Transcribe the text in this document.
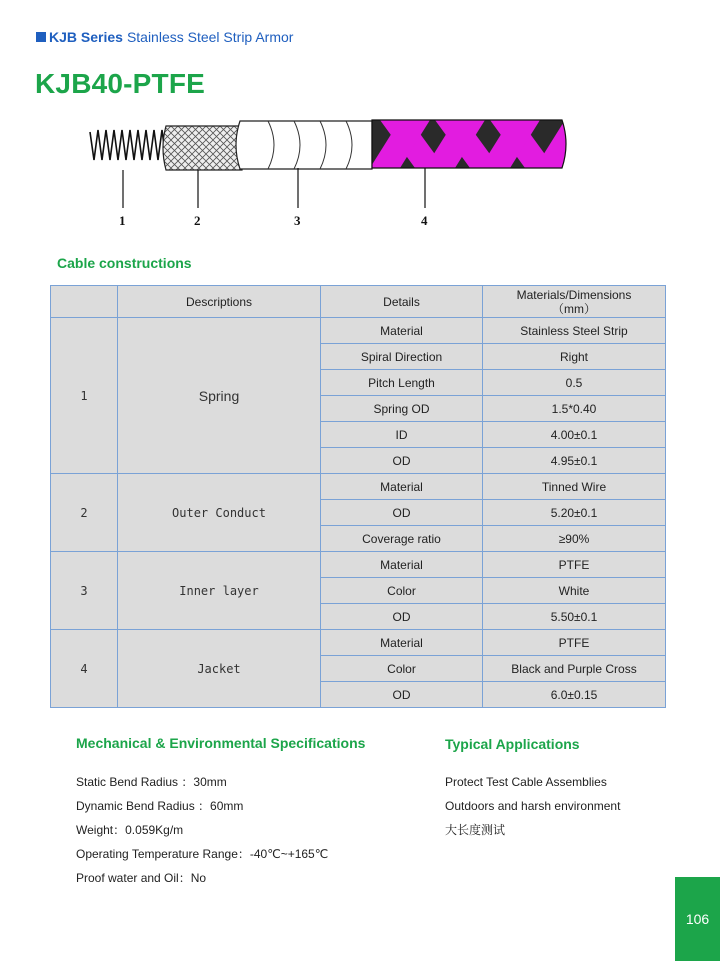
KJB Series Stainless Steel Strip Armor
KJB40-PTFE
1	2	3	4
Cable constructions
	Descriptions	Details	Materials/Dimensions
（mm）
1	Spring	Material	Stainless Steel Strip
		Spiral Direction	Right
		Pitch Length	0.5
		Spring OD	1.5*0.40
		ID	4.00±0.1
		OD	4.95±0.1
2	Outer Conduct	Material	Tinned Wire
		OD	5.20±0.1
		Coverage ratio	≥90%
3	Inner layer	Material	PTFE
		Color	White
		OD	5.50±0.1
4	Jacket	Material	PTFE
		Color	Black and Purple Cross
		OD	6.0±0.15
Mechanical & Environmental Specifications	Typical Applications
Static Bend Radius ：30mm
Dynamic Bend Radius ：60mm
Weight：0.059Kg/m
Operating Temperature Range：-40℃~+165℃
Proof water and Oil：No
Protect Test Cable Assemblies
Outdoors and harsh environment
大长度测试
106
